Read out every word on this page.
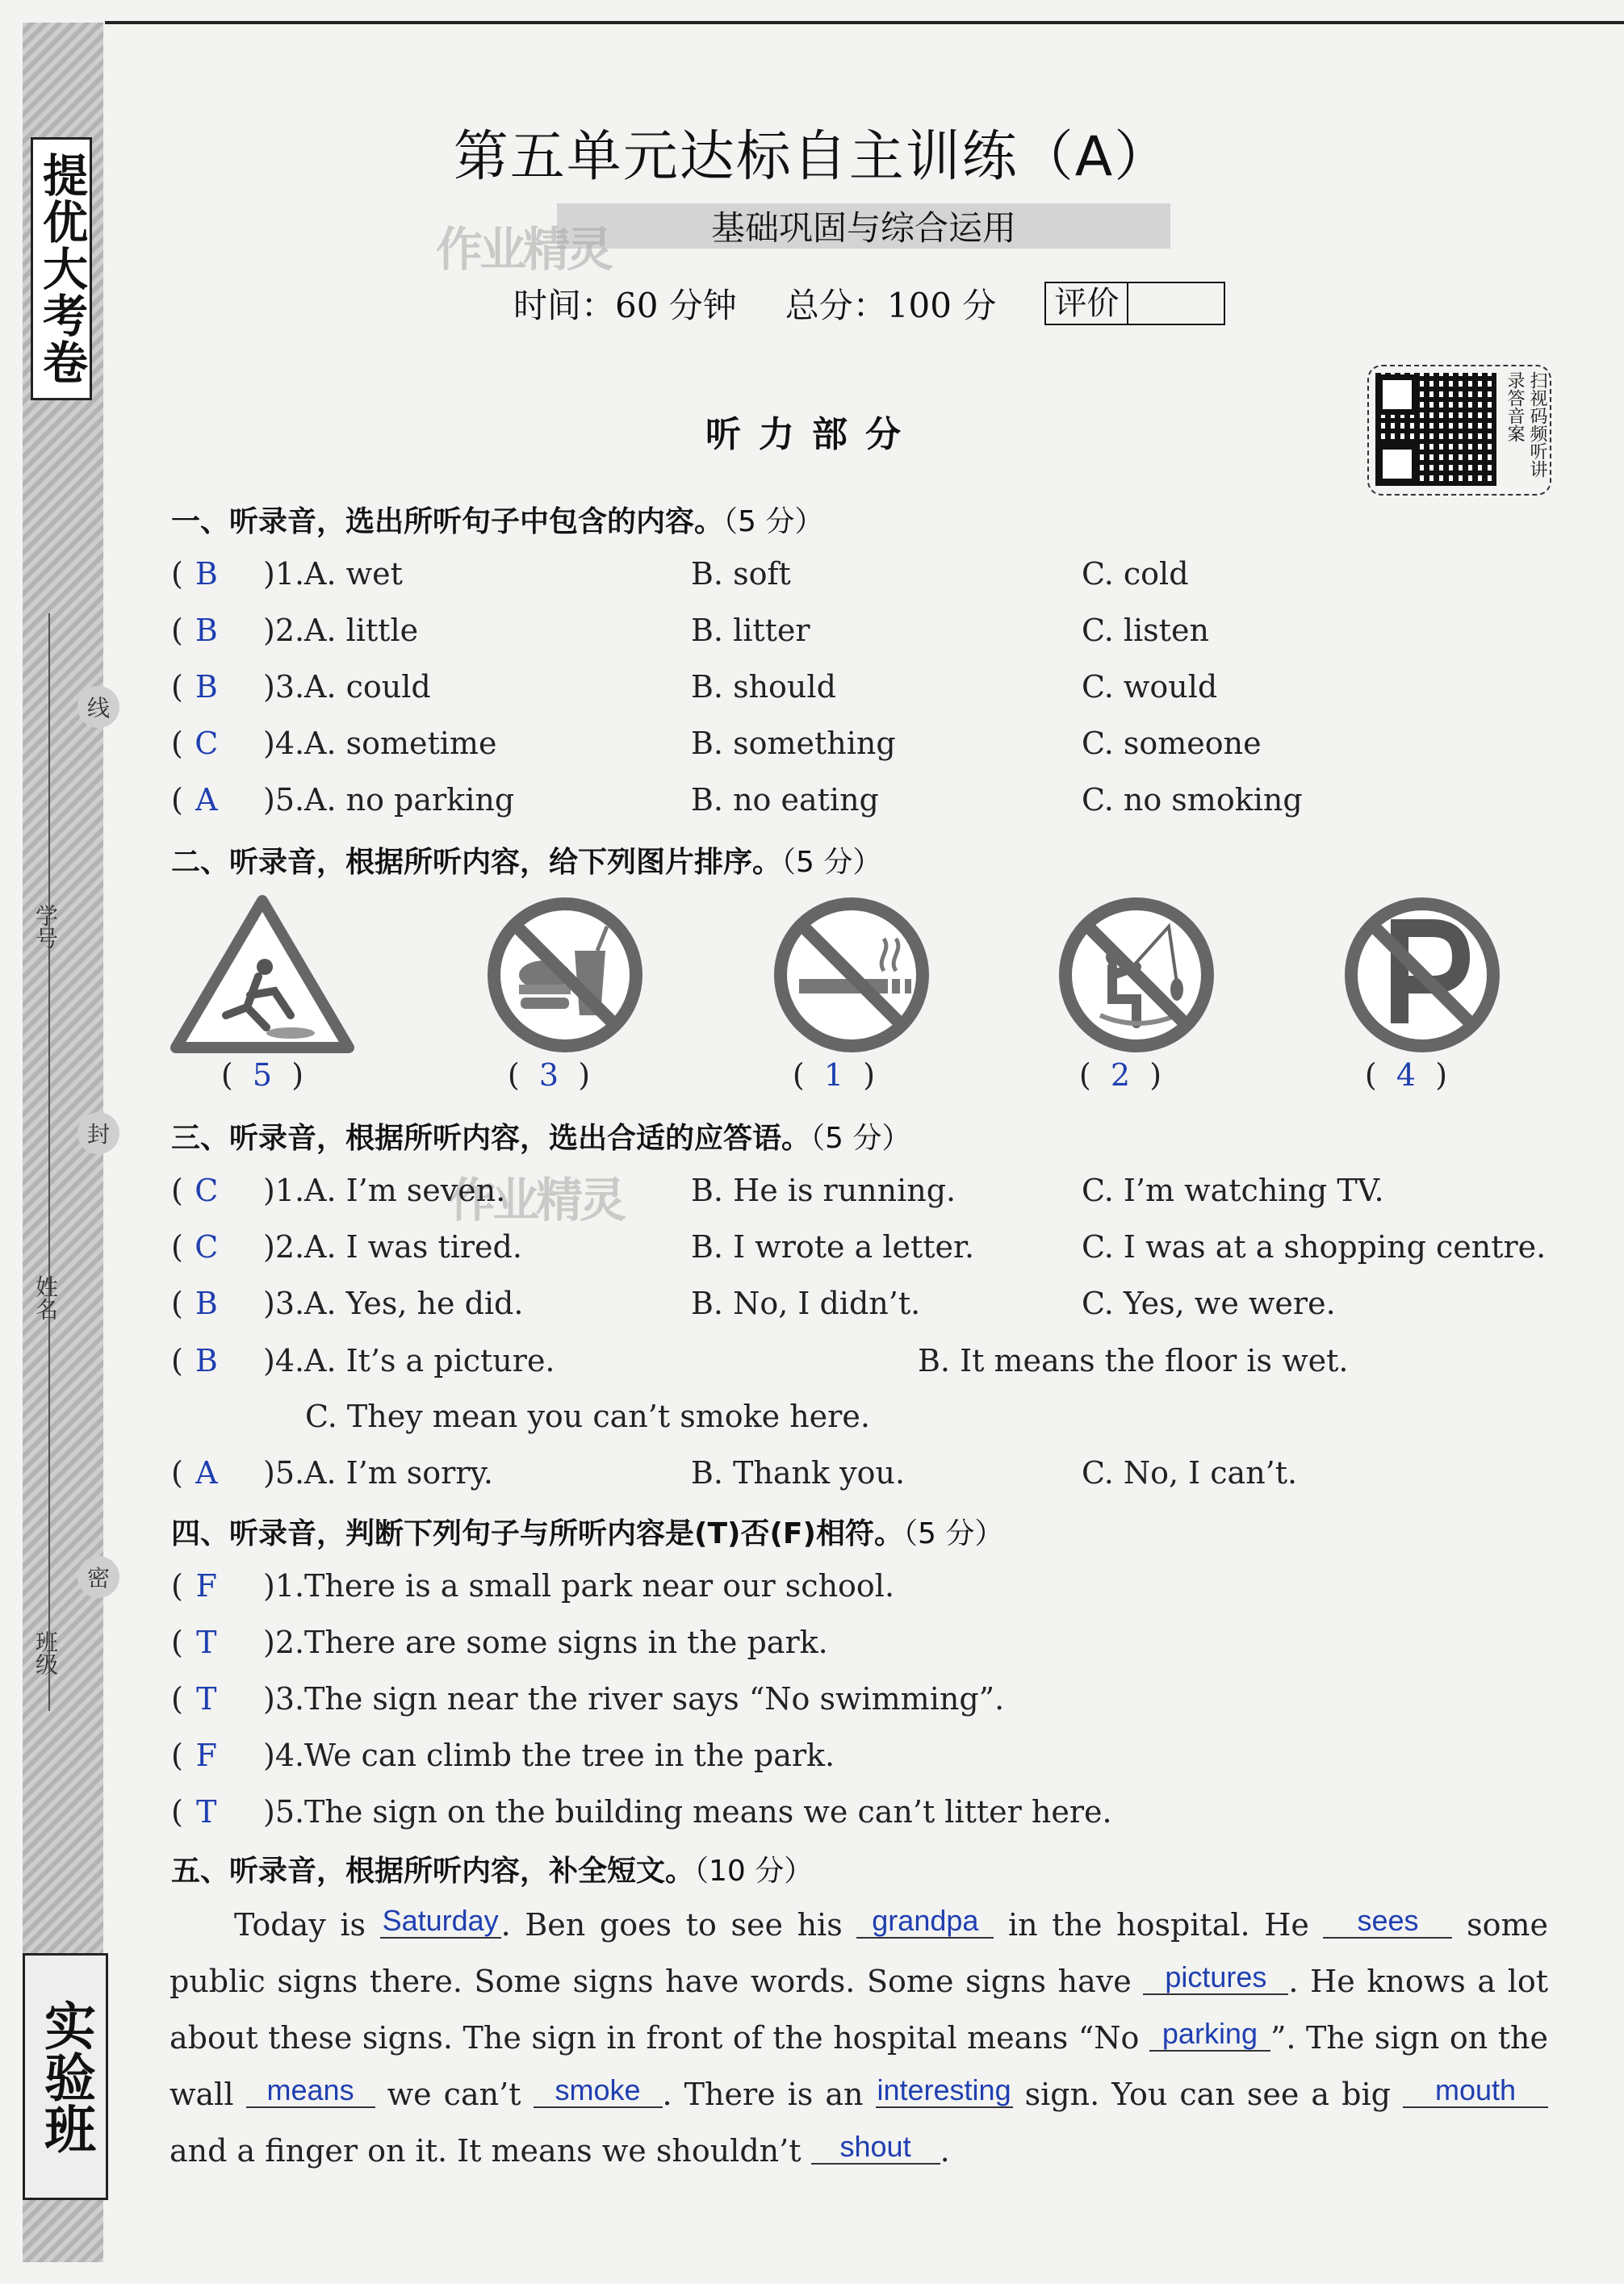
提优大考卷
实验班
线
封
密
学号
姓名
班级
第五单元达标自主训练（A）
基础巩固与综合运用
作业精灵
作业精灵
时间：60 分钟 总分：100 分 评价
扫视码频听讲录答音案
听力部分
一、听录音，选出所听句子中包含的内容。（5 分）
二、听录音，根据所听内容，给下列图片排序。（5 分）
三、听录音，根据所听内容，选出合适的应答语。（5 分）
( B	)4. A. It’s a picture.	B. It means the floor is wet.
C. They mean you can’t smoke here.
( A	)5. A. I’m sorry.	B. Thank you.	C. No, I can’t.
四、听录音，判断下列句子与所听内容是(T)否(F)相符。（5 分）
五、听录音，根据所听内容，补全短文。（10 分）

Today is Saturday. Ben goes to see his grandpa in the hospital. He sees some public signs there. Some signs have words. Some signs have pictures . He knows a lot about these signs. The sign in front of the hospital means “No parking ”. The sign on the wall means we can’t smoke . There is an interesting sign. You can see a big mouth and a finger on it. It means we shouldn’t shout .

( B	)1. A. wet	B. soft	C. cold
( B	)2. A. little	B. litter	C. listen
( B	)3. A. could	B. should	C. would
( C	)4. A. sometime	B. something	C. someone
( A	)5. A. no parking	B. no eating	C. no smoking
( C	)1. A. I’m seven.	B. He is running.	C. I’m watching TV.
( C	)2. A. I was tired.	B. I wrote a letter.	C. I was at a shopping centre.
( B	)3. A. Yes, he did.	B. No, I didn’t.	C. Yes, we were.
( F	)1. There is a small park near our school.
( T	)2. There are some signs in the park.
( T	)3. The sign near the river says “No swimming”.
( F	)4. We can climb the tree in the park.
( T	)5. The sign on the building means we can’t litter here.
(  5  )	(  3  )	(  1  )	(  2  )	(  4  )
